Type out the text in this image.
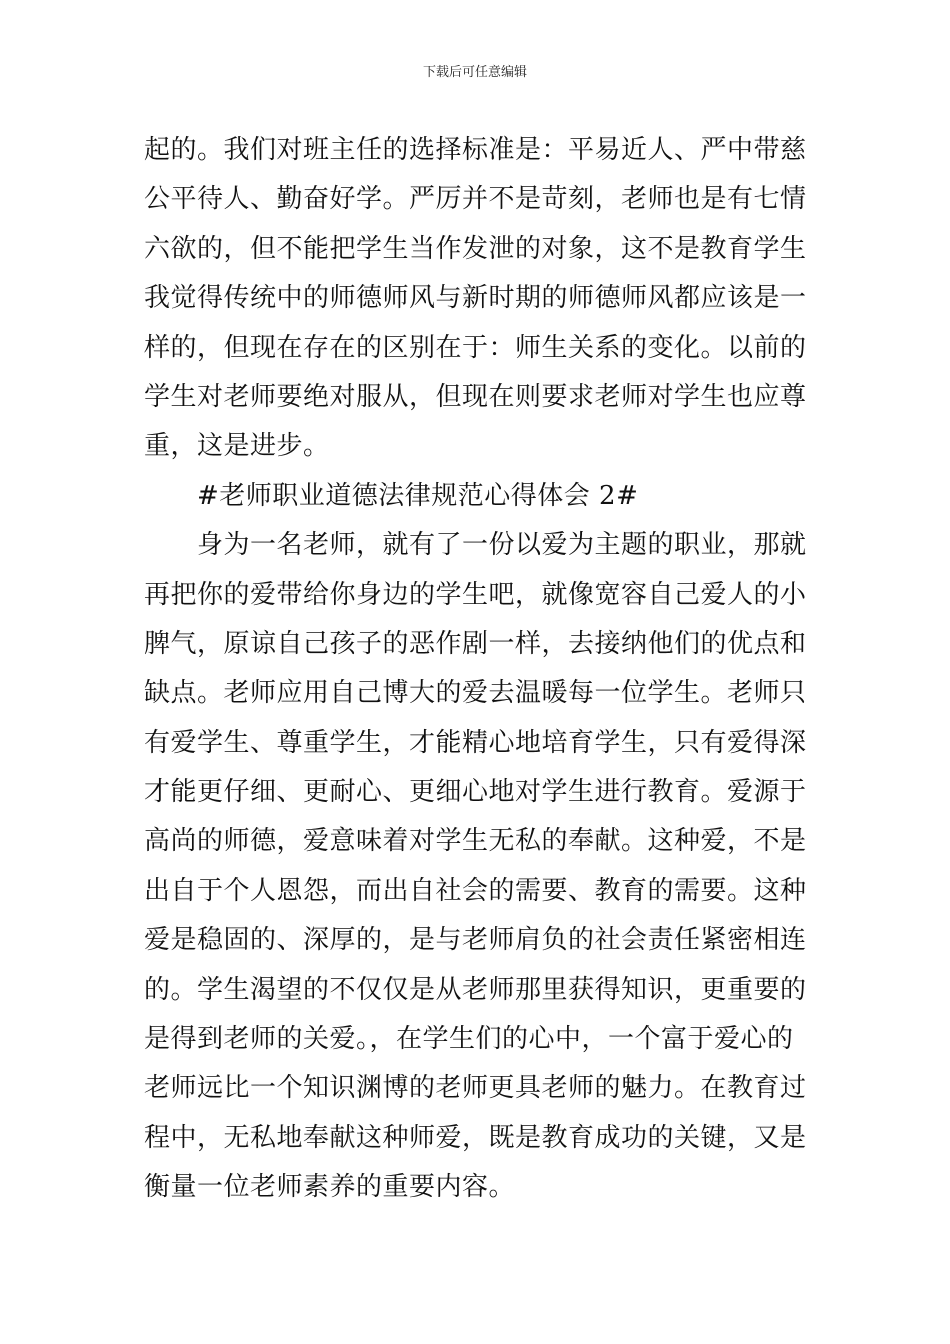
下载后可任意编辑
起的。我们对班主任的选择标准是：平易近人、严中带慈
公平待人、勤奋好学。严厉并不是苛刻，老师也是有七情
六欲的，但不能把学生当作发泄的对象，这不是教育学生
我觉得传统中的师德师风与新时期的师德师风都应该是一
样的，但现在存在的区别在于：师生关系的变化。以前的
学生对老师要绝对服从，但现在则要求老师对学生也应尊
重，这是进步。
#老师职业道德法律规范心得体会 2#
身为一名老师，就有了一份以爱为主题的职业，那就
再把你的爱带给你身边的学生吧，就像宽容自己爱人的小
脾气，原谅自己孩子的恶作剧一样，去接纳他们的优点和
缺点。老师应用自己博大的爱去温暖每一位学生。老师只
有爱学生、尊重学生，才能精心地培育学生，只有爱得深
才能更仔细、更耐心、更细心地对学生进行教育。爱源于
高尚的师德，爱意味着对学生无私的奉献。这种爱，不是
出自于个人恩怨，而出自社会的需要、教育的需要。这种
爱是稳固的、深厚的，是与老师肩负的社会责任紧密相连
的。学生渴望的不仅仅是从老师那里获得知识，更重要的
是得到老师的关爱。，在学生们的心中，一个富于爱心的
老师远比一个知识渊博的老师更具老师的魅力。在教育过
程中，无私地奉献这种师爱，既是教育成功的关键，又是
衡量一位老师素养的重要内容。
